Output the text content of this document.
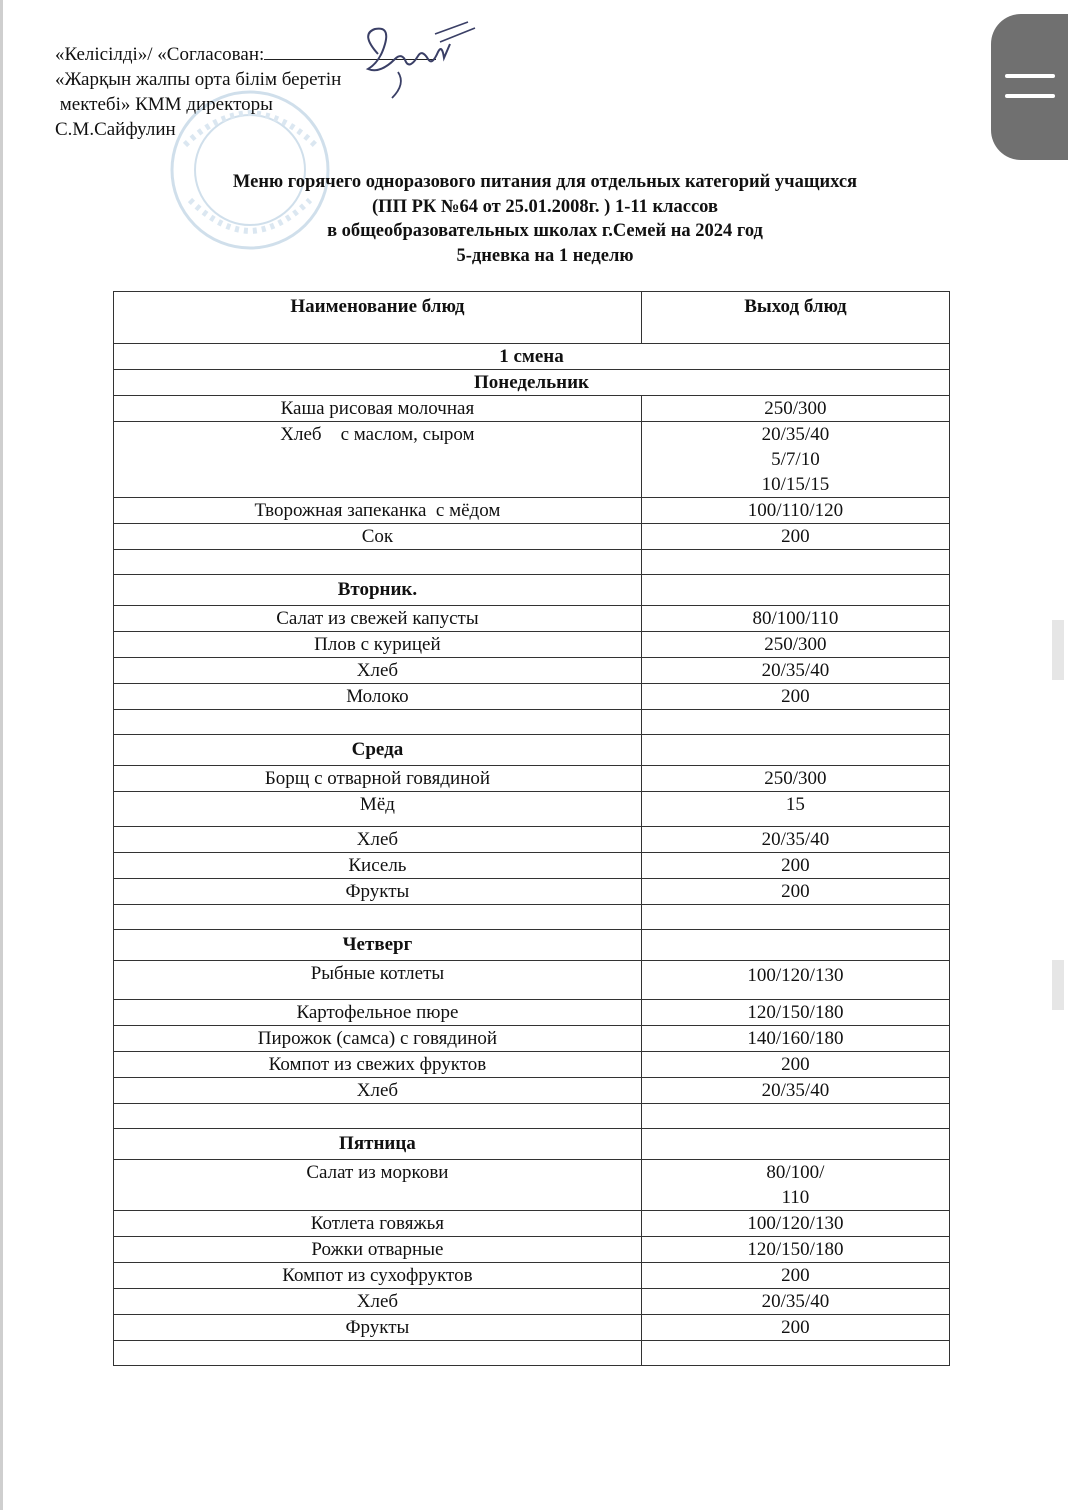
«Келісілді»/ «Согласован:
«Жарқын жалпы орта білім беретін
мектебі» КММ директоры
С.М.Сайфулин
Меню горячего одноразового питания для отдельных категорий учащихся
(ПП РК №64 от 25.01.2008г. ) 1-11 классов
в общеобразовательных школах г.Семей на 2024 год
5-дневка на 1 неделю
Наименование блюд	Выход блюд
1 смена	
Понедельник	
Каша рисовая молочная	250/300
Хлеб    с маслом, сыром	20/35/40
5/7/10
10/15/15

Творожная запеканка  с мёдом	100/110/120
Сок	200

Вторник.	
Салат из свежей капусты	80/100/110
Плов с курицей	250/300
Хлеб	20/35/40
Молоко	200

Среда	
Борщ с отварной говядиной	250/300
Мёд	15
Хлеб	20/35/40
Кисель	200
Фрукты	200

Четверг	
Рыбные котлеты	100/120/130
Картофельное пюре	120/150/180
Пирожок (самса) с говядиной	140/160/180
Компот из свежих фруктов	200
Хлеб	20/35/40

Пятница	
Салат из моркови	80/100/
110

Котлета говяжья	100/120/130
Рожки отварные	120/150/180
Компот из сухофруктов	200
Хлеб	20/35/40
Фрукты	200
